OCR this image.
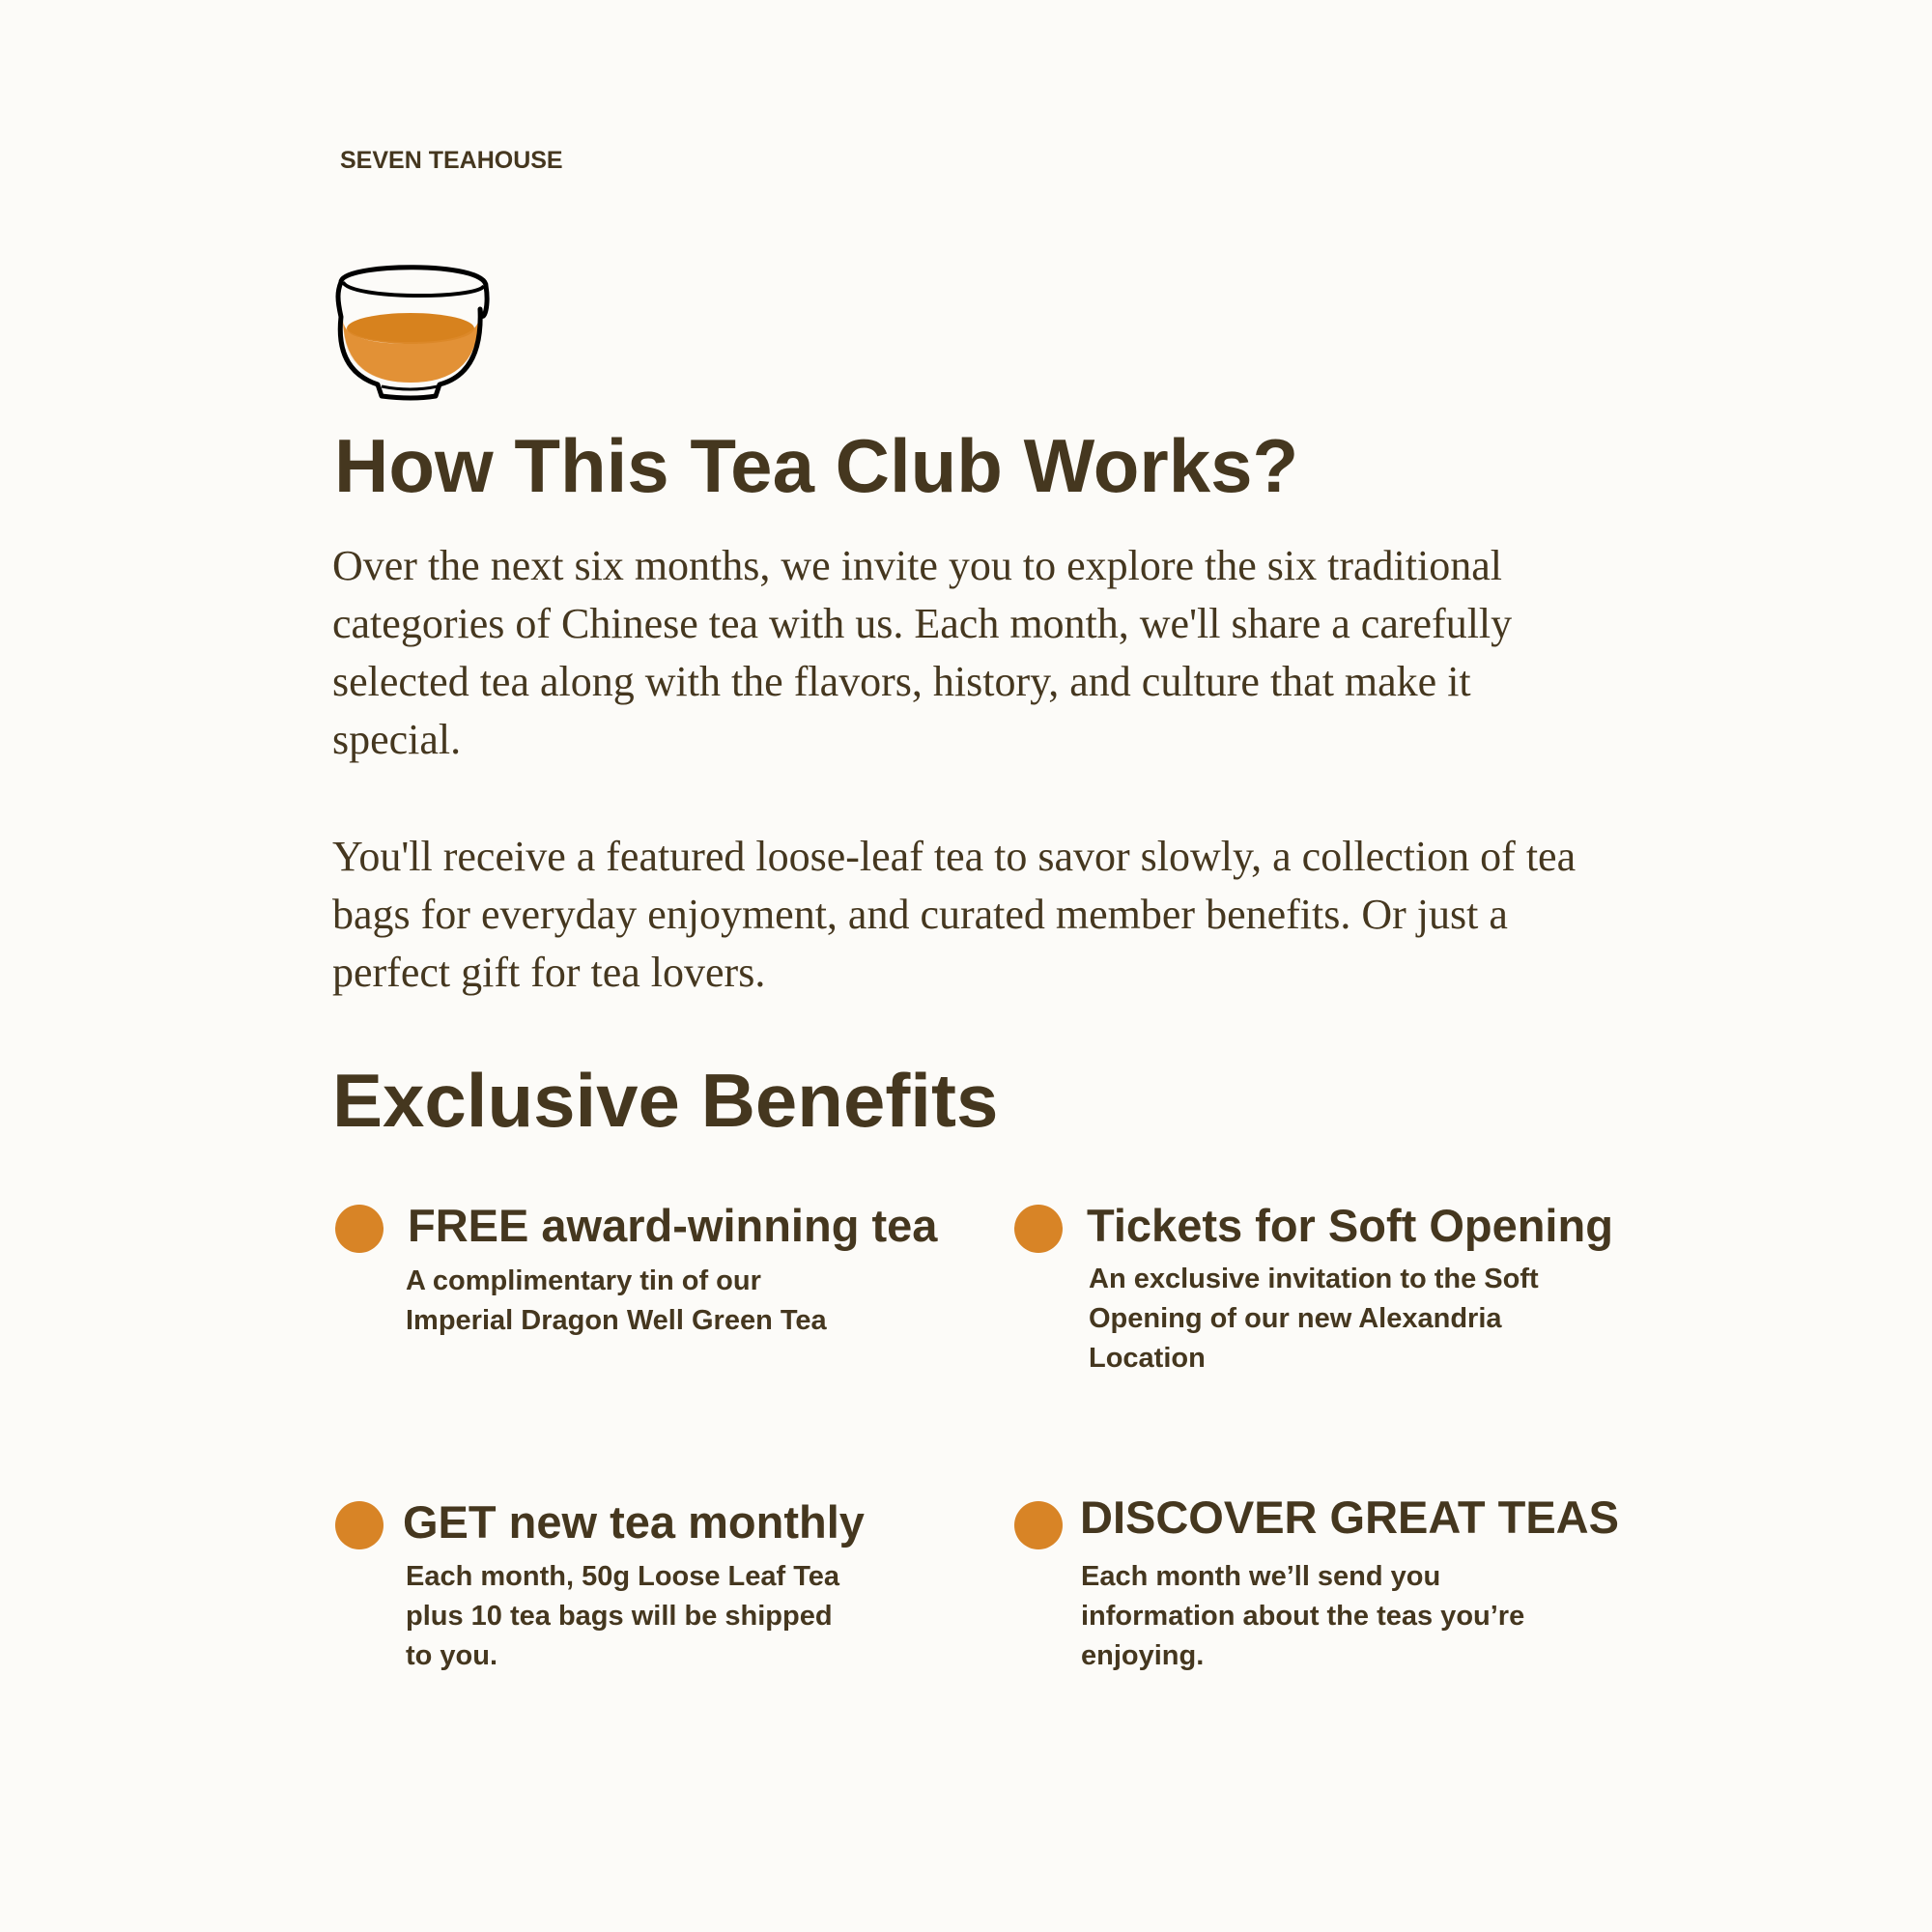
SEVEN TEAHOUSE
How This Tea Club Works?

Over the next six months, we invite you to explore the six traditional categories of Chinese tea with us. Each month, we'll share a carefully selected tea along with the flavors, history, and culture that make it special.

You'll receive a featured loose-leaf tea to savor slowly, a collection of tea bags for everyday enjoyment, and curated member benefits. Or just a perfect gift for tea lovers.

Exclusive Benefits
FREE award-winning tea

A complimentary tin of our Imperial Dragon Well Green Tea

Tickets for Soft Opening

An exclusive invitation to the Soft Opening of our new Alexandria Location

GET new tea monthly

Each month, 50g Loose Leaf Tea plus 10 tea bags will be shipped to you.

DISCOVER GREAT TEAS

Each month we’ll send you information about the teas you’re enjoying.
